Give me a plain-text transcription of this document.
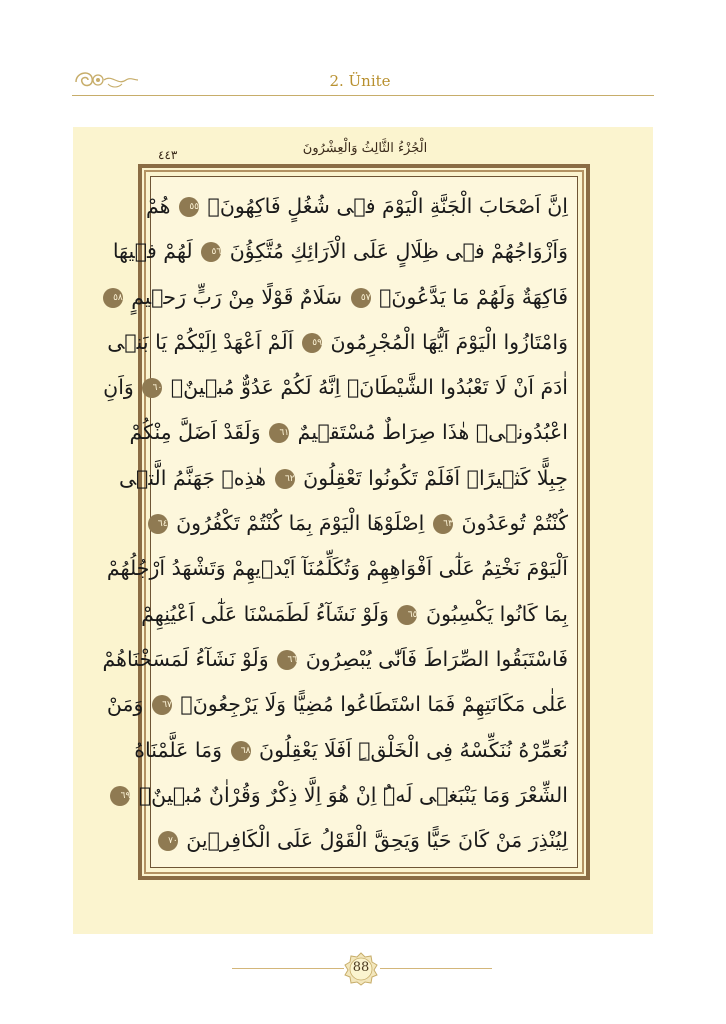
2. Ünite
الْجُزْءُ الثَّالِثُ وَالْعِشْرُونَ
٤٤٣
اِنَّ اَصْحَابَ الْجَنَّةِ الْيَوْمَ فٖى شُغُلٍ فَاكِهُونَۚ ٥٥ هُمْ
وَاَزْوَاجُهُمْ فٖى ظِلَالٍ عَلَى الْاَرَائِكِ مُتَّكِؤُنَ ٥٦ لَهُمْ فٖيهَا
فَاكِهَةٌ وَلَهُمْ مَا يَدَّعُونَۚ ٥٧ سَلَامٌ قَوْلًا مِنْ رَبٍّ رَحٖيمٍ ٥٨
وَامْتَازُوا الْيَوْمَ اَيُّهَا الْمُجْرِمُونَ ٥٩ اَلَمْ اَعْهَدْ اِلَيْكُمْ يَا بَنٖى
اٰدَمَ اَنْ لَا تَعْبُدُوا الشَّيْطَانَۚ اِنَّهُ لَكُمْ عَدُوٌّ مُبٖينٌۙ ٦٠ وَاَنِ
اعْبُدُونٖىۜ هٰذَا صِرَاطٌ مُسْتَقٖيمٌ ٦١ وَلَقَدْ اَضَلَّ مِنْكُمْ
جِبِلًّا كَثٖيرًاۜ اَفَلَمْ تَكُونُوا تَعْقِلُونَ ٦٢ هٰذِهٖ جَهَنَّمُ الَّتٖى
كُنْتُمْ تُوعَدُونَ ٦٣ اِصْلَوْهَا الْيَوْمَ بِمَا كُنْتُمْ تَكْفُرُونَ ٦٤
اَلْيَوْمَ نَخْتِمُ عَلٰٓى اَفْوَاهِهِمْ وَتُكَلِّمُنَآ اَيْدٖيهِمْ وَتَشْهَدُ اَرْجُلُهُمْ
بِمَا كَانُوا يَكْسِبُونَ ٦٥ وَلَوْ نَشَآءُ لَطَمَسْنَا عَلٰٓى اَعْيُنِهِمْ
فَاسْتَبَقُوا الصِّرَاطَ فَاَنّٰى يُبْصِرُونَ ٦٦ وَلَوْ نَشَآءُ لَمَسَخْنَاهُمْ
عَلٰى مَكَانَتِهِمْ فَمَا اسْتَطَاعُوا مُضِيًّا وَلَا يَرْجِعُونَۚ ٦٧ وَمَنْ
نُعَمِّرْهُ نُنَكِّسْهُ فِى الْخَلْقِۜ اَفَلَا يَعْقِلُونَ ٦٨ وَمَا عَلَّمْنَاهُ
الشِّعْرَ وَمَا يَنْبَغٖى لَهُۜ اِنْ هُوَ اِلَّا ذِكْرٌ وَقُرْاٰنٌ مُبٖينٌۙ ٦٩
لِيُنْذِرَ مَنْ كَانَ حَيًّا وَيَحِقَّ الْقَوْلُ عَلَى الْكَافِرٖينَ ٧٠
88
